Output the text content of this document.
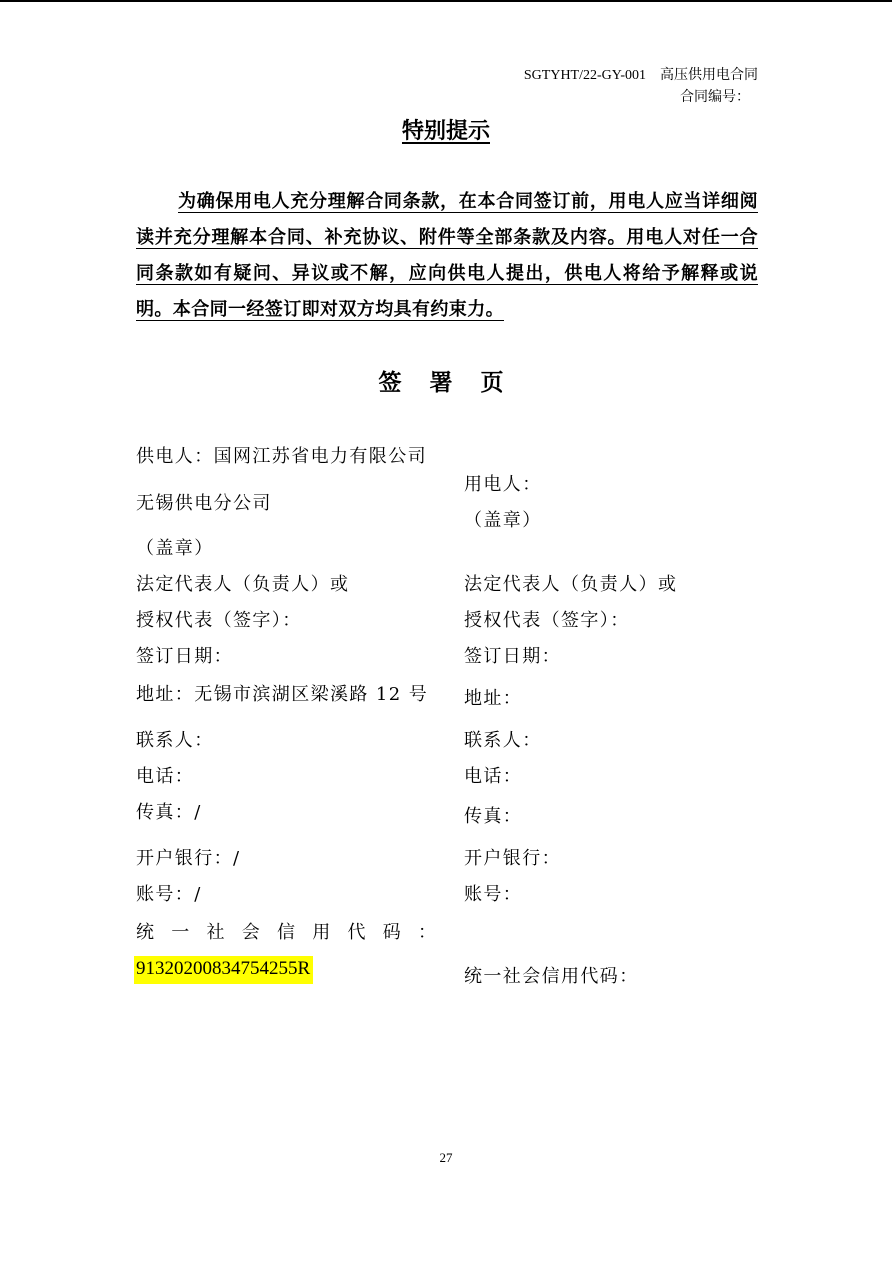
SGTYHT/22-GY-001 高压供用电合同
合同编号：
特别提示
为确保用电人充分理解合同条款，在本合同签订前，用电人应当详细阅读并充分理解本合同、补充协议、附件等全部条款及内容。用电人对任一合同条款如有疑问、异议或不解，应向供电人提出，供电人将给予解释或说明。本合同一经签订即对双方均具有约束力。
签 署 页
供电人：国网江苏省电力有限公司
无锡供电分公司
（盖章）
法定代表人（负责人）或
授权代表（签字）：
签订日期：
地址：无锡市滨湖区梁溪路 12 号
联系人：
电话：
传真：/
开户银行：/
账号：/
统 一 社 会 信 用 代 码 ：
91320200834754255R
用电人：
（盖章）
法定代表人（负责人）或
授权代表（签字）：
签订日期：
地址：
联系人：
电话：
传真：
开户银行：
账号：
统一社会信用代码：
27
